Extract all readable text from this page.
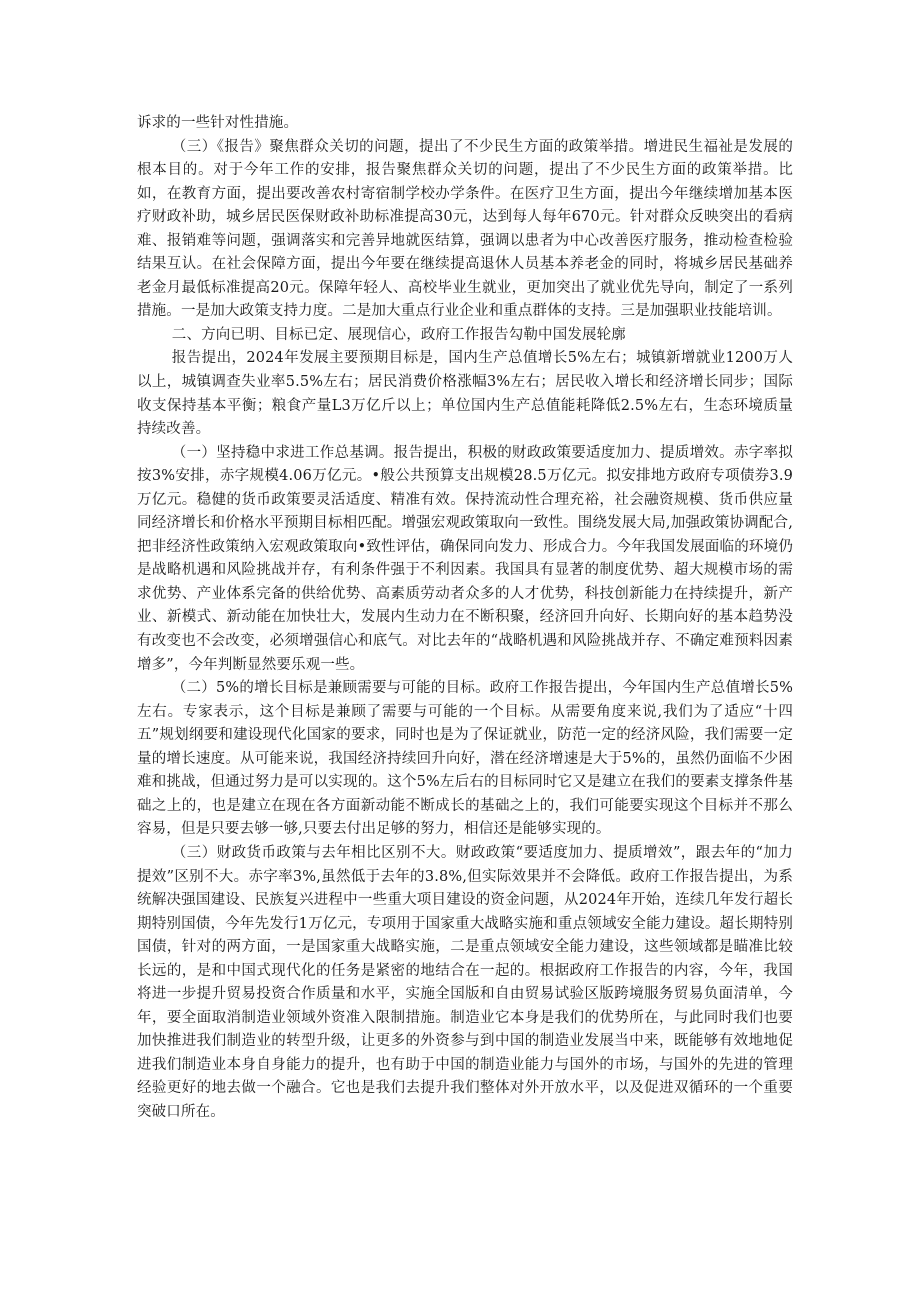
诉求的一些针对性措施。

（三）《报告》聚焦群众关切的问题，提出了不少民生方面的政策举措。增进民生福祉是发展的根本目的。对于今年工作的安排，报告聚焦群众关切的问题，提出了不少民生方面的政策举措。比如，在教育方面，提出要改善农村寄宿制学校办学条件。在医疗卫生方面，提出今年继续增加基本医疗财政补助，城乡居民医保财政补助标准提高30元，达到每人每年670元。针对群众反映突出的看病难、报销难等问题，强调落实和完善异地就医结算，强调以患者为中心改善医疗服务，推动检查检验结果互认。在社会保障方面，提出今年要在继续提高退休人员基本养老金的同时，将城乡居民基础养老金月最低标准提高20元。保障年轻人、高校毕业生就业，更加突出了就业优先导向，制定了一系列措施。一是加大政策支持力度。二是加大重点行业企业和重点群体的支持。三是加强职业技能培训。

二、方向已明、目标已定、展现信心，政府工作报告勾勒中国发展轮廓

报告提出，2024年发展主要预期目标是，国内生产总值增长5%左右；城镇新增就业1200万人以上，城镇调查失业率5.5%左右；居民消费价格涨幅3%左右；居民收入增长和经济增长同步；国际收支保持基本平衡；粮食产量L3万亿斤以上；单位国内生产总值能耗降低2.5%左右，生态环境质量持续改善。

（一）坚持稳中求进工作总基调。报告提出，积极的财政政策要适度加力、提质增效。赤字率拟按3%安排，赤字规模4.06万亿元。•般公共预算支出规模28.5万亿元。拟安排地方政府专项债券3.9万亿元。稳健的货币政策要灵活适度、精准有效。保持流动性合理充裕，社会融资规模、货币供应量同经济增长和价格水平预期目标相匹配。增强宏观政策取向一致性。围绕发展大局,加强政策协调配合,把非经济性政策纳入宏观政策取向•致性评估，确保同向发力、形成合力。今年我国发展面临的环境仍是战略机遇和风险挑战并存，有利条件强于不利因素。我国具有显著的制度优势、超大规模市场的需求优势、产业体系完备的供给优势、高素质劳动者众多的人才优势，科技创新能力在持续提升，新产业、新模式、新动能在加快壮大，发展内生动力在不断积聚，经济回升向好、长期向好的基本趋势没有改变也不会改变，必须增强信心和底气。对比去年的“战略机遇和风险挑战并存、不确定难预料因素增多”，今年判断显然要乐观一些。

（二）5%的增长目标是兼顾需要与可能的目标。政府工作报告提出，今年国内生产总值增长5%左右。专家表示，这个目标是兼顾了需要与可能的一个目标。从需要角度来说,我们为了适应“十四五”规划纲要和建设现代化国家的要求，同时也是为了保证就业，防范一定的经济风险，我们需要一定量的增长速度。从可能来说，我国经济持续回升向好，潜在经济增速是大于5%的，虽然仍面临不少困难和挑战，但通过努力是可以实现的。这个5%左后右的目标同时它又是建立在我们的要素支撑条件基础之上的，也是建立在现在各方面新动能不断成长的基础之上的，我们可能要实现这个目标并不那么容易，但是只要去够一够,只要去付出足够的努力，相信还是能够实现的。

（三）财政货币政策与去年相比区别不大。财政政策“要适度加力、提质增效”，跟去年的“加力提效”区别不大。赤字率3%,虽然低于去年的3.8%,但实际效果并不会降低。政府工作报告提出，为系统解决强国建设、民族复兴进程中一些重大项目建设的资金问题，从2024年开始，连续几年发行超长期特别国债，今年先发行1万亿元，专项用于国家重大战略实施和重点领域安全能力建设。超长期特别国债，针对的两方面，一是国家重大战略实施，二是重点领域安全能力建设，这些领域都是瞄准比较长远的，是和中国式现代化的任务是紧密的地结合在一起的。根据政府工作报告的内容，今年，我国将进一步提升贸易投资合作质量和水平，实施全国版和自由贸易试验区版跨境服务贸易负面清单，今年，要全面取消制造业领域外资准入限制措施。制造业它本身是我们的优势所在，与此同时我们也要加快推进我们制造业的转型升级，让更多的外资参与到中国的制造业发展当中来，既能够有效地地促进我们制造业本身自身能力的提升，也有助于中国的制造业能力与国外的市场，与国外的先进的管理经验更好的地去做一个融合。它也是我们去提升我们整体对外开放水平，以及促进双循环的一个重要突破口所在。
